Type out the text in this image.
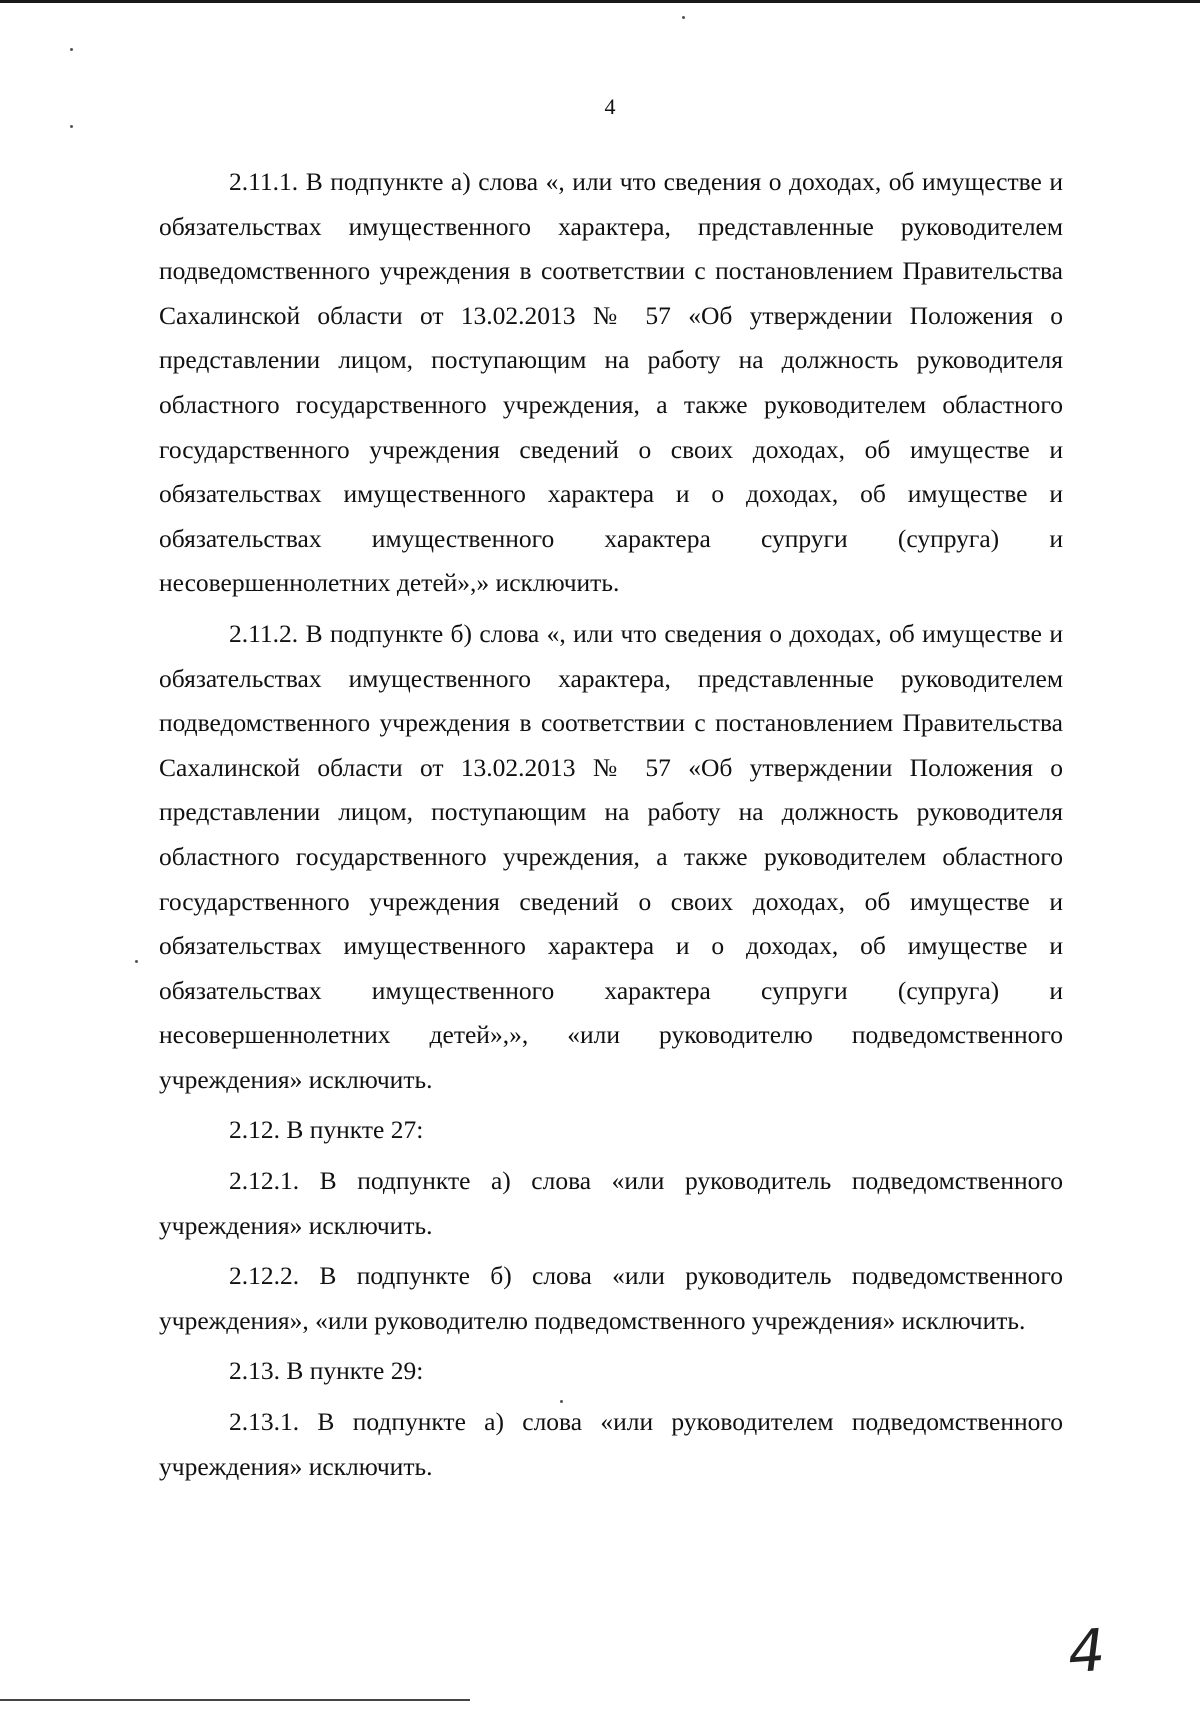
4

2.11.1. В подпункте а) слова «, или что сведения о доходах, об имуществе и обязательствах имущественного характера, представленные руководителем подведомственного учреждения в соответствии с постановлением Правительства Сахалинской области от 13.02.2013 № 57 «Об утверждении Положения о представлении лицом, поступающим на работу на должность руководителя областного государственного учреждения, а также руководителем областного государственного учреждения сведений о своих доходах, об имуществе и обязательствах имущественного характера и о доходах, об имуществе и обязательствах имущественного характера супруги (супруга) и несовершеннолетних детей»,» исключить.

2.11.2. В подпункте б) слова «, или что сведения о доходах, об имуществе и обязательствах имущественного характера, представленные руководителем подведомственного учреждения в соответствии с постановлением Правительства Сахалинской области от 13.02.2013 № 57 «Об утверждении Положения о представлении лицом, поступающим на работу на должность руководителя областного государственного учреждения, а также руководителем областного государственного учреждения сведений о своих доходах, об имуществе и обязательствах имущественного характера и о доходах, об имуществе и обязательствах имущественного характера супруги (супруга) и несовершеннолетних детей»,», «или руководителю подведомственного учреждения» исключить.

2.12. В пункте 27:

2.12.1. В подпункте а) слова «или руководитель подведомственного учреждения» исключить.

2.12.2. В подпункте б) слова «или руководитель подведомственного учреждения», «или руководителю подведомственного учреждения» исключить.

2.13. В пункте 29:

2.13.1. В подпункте а) слова «или руководителем подведомственного учреждения» исключить.

4
